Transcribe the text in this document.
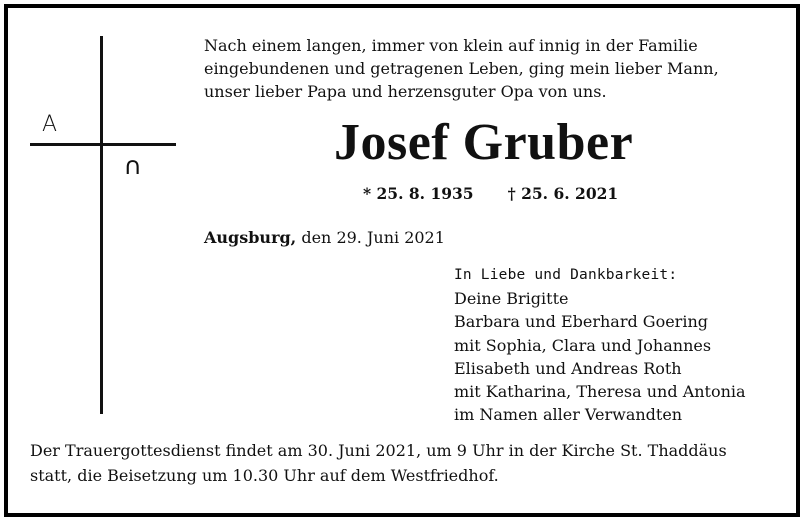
A
∩
Nach einem langen, immer von klein auf innig in der Familie
eingebundenen und getragenen Leben, ging mein lieber Mann,
unser lieber Papa und herzensguter Opa von uns.
Josef Gruber
* 25. 8. 1935 † 25. 6. 2021
Augsburg, den 29. Juni 2021
In Liebe und Dankbarkeit:
Deine Brigitte
Barbara und Eberhard Goering
mit Sophia, Clara und Johannes
Elisabeth und Andreas Roth
mit Katharina, Theresa und Antonia
im Namen aller Verwandten
Der Trauergottesdienst findet am 30. Juni 2021, um 9 Uhr in der Kirche St. Thaddäus
statt, die Beisetzung um 10.30 Uhr auf dem Westfriedhof.
